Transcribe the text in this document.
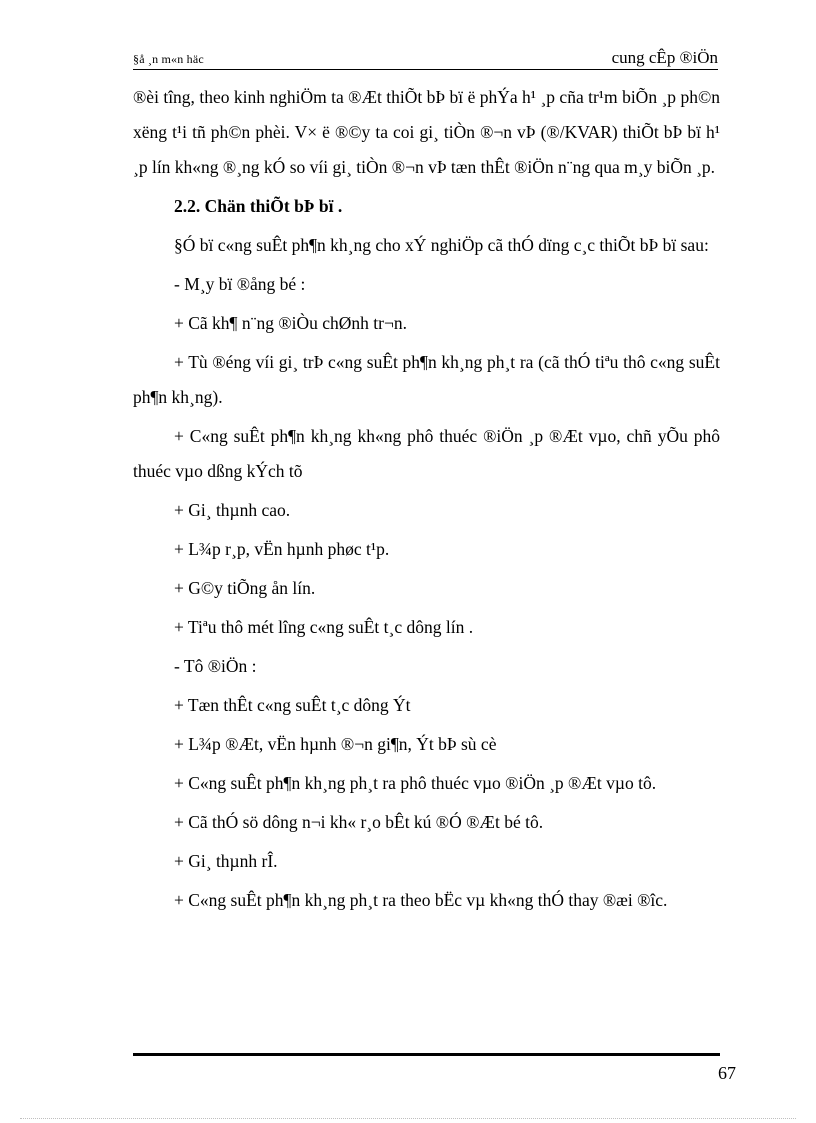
§å ¸n m«n häc	cung cÊp ®iÖn

®èi tîng, theo kinh nghiÖm ta ®Æt thiÕt bÞ bï ë phÝa h¹ ¸p cña tr¹m biÕn ¸p ph©n xëng t¹i tñ ph©n phèi. V× ë ®©y ta coi gi¸ tiÒn ®¬n vÞ (®/KVAR) thiÕt bÞ bï h¹ ¸p lín kh«ng ®¸ng kÓ so víi gi¸ tiÒn ®¬n vÞ tæn thÊt ®iÖn n¨ng qua m¸y biÕn ¸p.

2.2. Chän thiÕt bÞ bï .

§Ó bï c«ng suÊt ph¶n kh¸ng cho xÝ nghiÖp cã thÓ dïng c¸c thiÕt bÞ bï sau:

- M¸y bï ®ång bé :

+ Cã kh¶ n¨ng ®iÒu chØnh tr¬n.

+ Tù ®éng víi gi¸ trÞ c«ng suÊt ph¶n kh¸ng ph¸t ra (cã thÓ tiªu thô c«ng suÊt ph¶n kh¸ng).

+ C«ng suÊt ph¶n kh¸ng kh«ng phô thuéc ®iÖn ¸p ®Æt vµo, chñ yÕu phô thuéc vµo dßng kÝch tõ

+ Gi¸ thµnh cao.

+ L¾p r¸p, vËn hµnh phøc t¹p.

+ G©y tiÕng ån lín.

+ Tiªu thô mét lîng c«ng suÊt t¸c dông lín .

- Tô ®iÖn :

+ Tæn thÊt c«ng suÊt t¸c dông Ýt

+ L¾p ®Æt, vËn hµnh ®¬n gi¶n, Ýt bÞ sù cè

+ C«ng suÊt ph¶n kh¸ng ph¸t ra phô thuéc vµo ®iÖn ¸p ®Æt vµo tô.

+ Cã thÓ sö dông n¬i kh« r¸o bÊt kú ®Ó ®Æt bé tô.

+ Gi¸ thµnh rÎ.

+ C«ng suÊt ph¶n kh¸ng ph¸t ra theo bËc vµ kh«ng thÓ thay ®æi ®îc.

67
